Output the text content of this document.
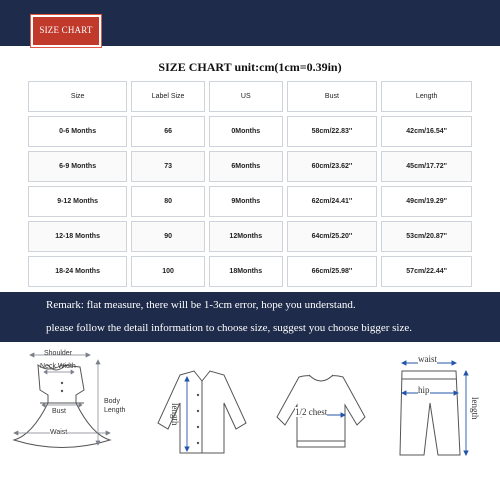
SIZE CHART
SIZE CHART unit:cm(1cm=0.39in)
Size	Label Size	US	Bust	Length
0-6 Months	66	0Months	58cm/22.83''	42cm/16.54''
6-9 Months	73	6Months	60cm/23.62''	45cm/17.72''
9-12 Months	80	9Months	62cm/24.41''	49cm/19.29''
12-18 Months	90	12Months	64cm/25.20''	53cm/20.87''
18-24 Months	100	18Months	66cm/25.98''	57cm/22.44''
Remark: flat measure, there will be 1-3cm error, hope you understand.
please follow the detail information to choose size, suggest you choose bigger size.
Shoulder
Neck Width
Bust
Waist
Body Length	length	1/2 chest
waist
hip
length
